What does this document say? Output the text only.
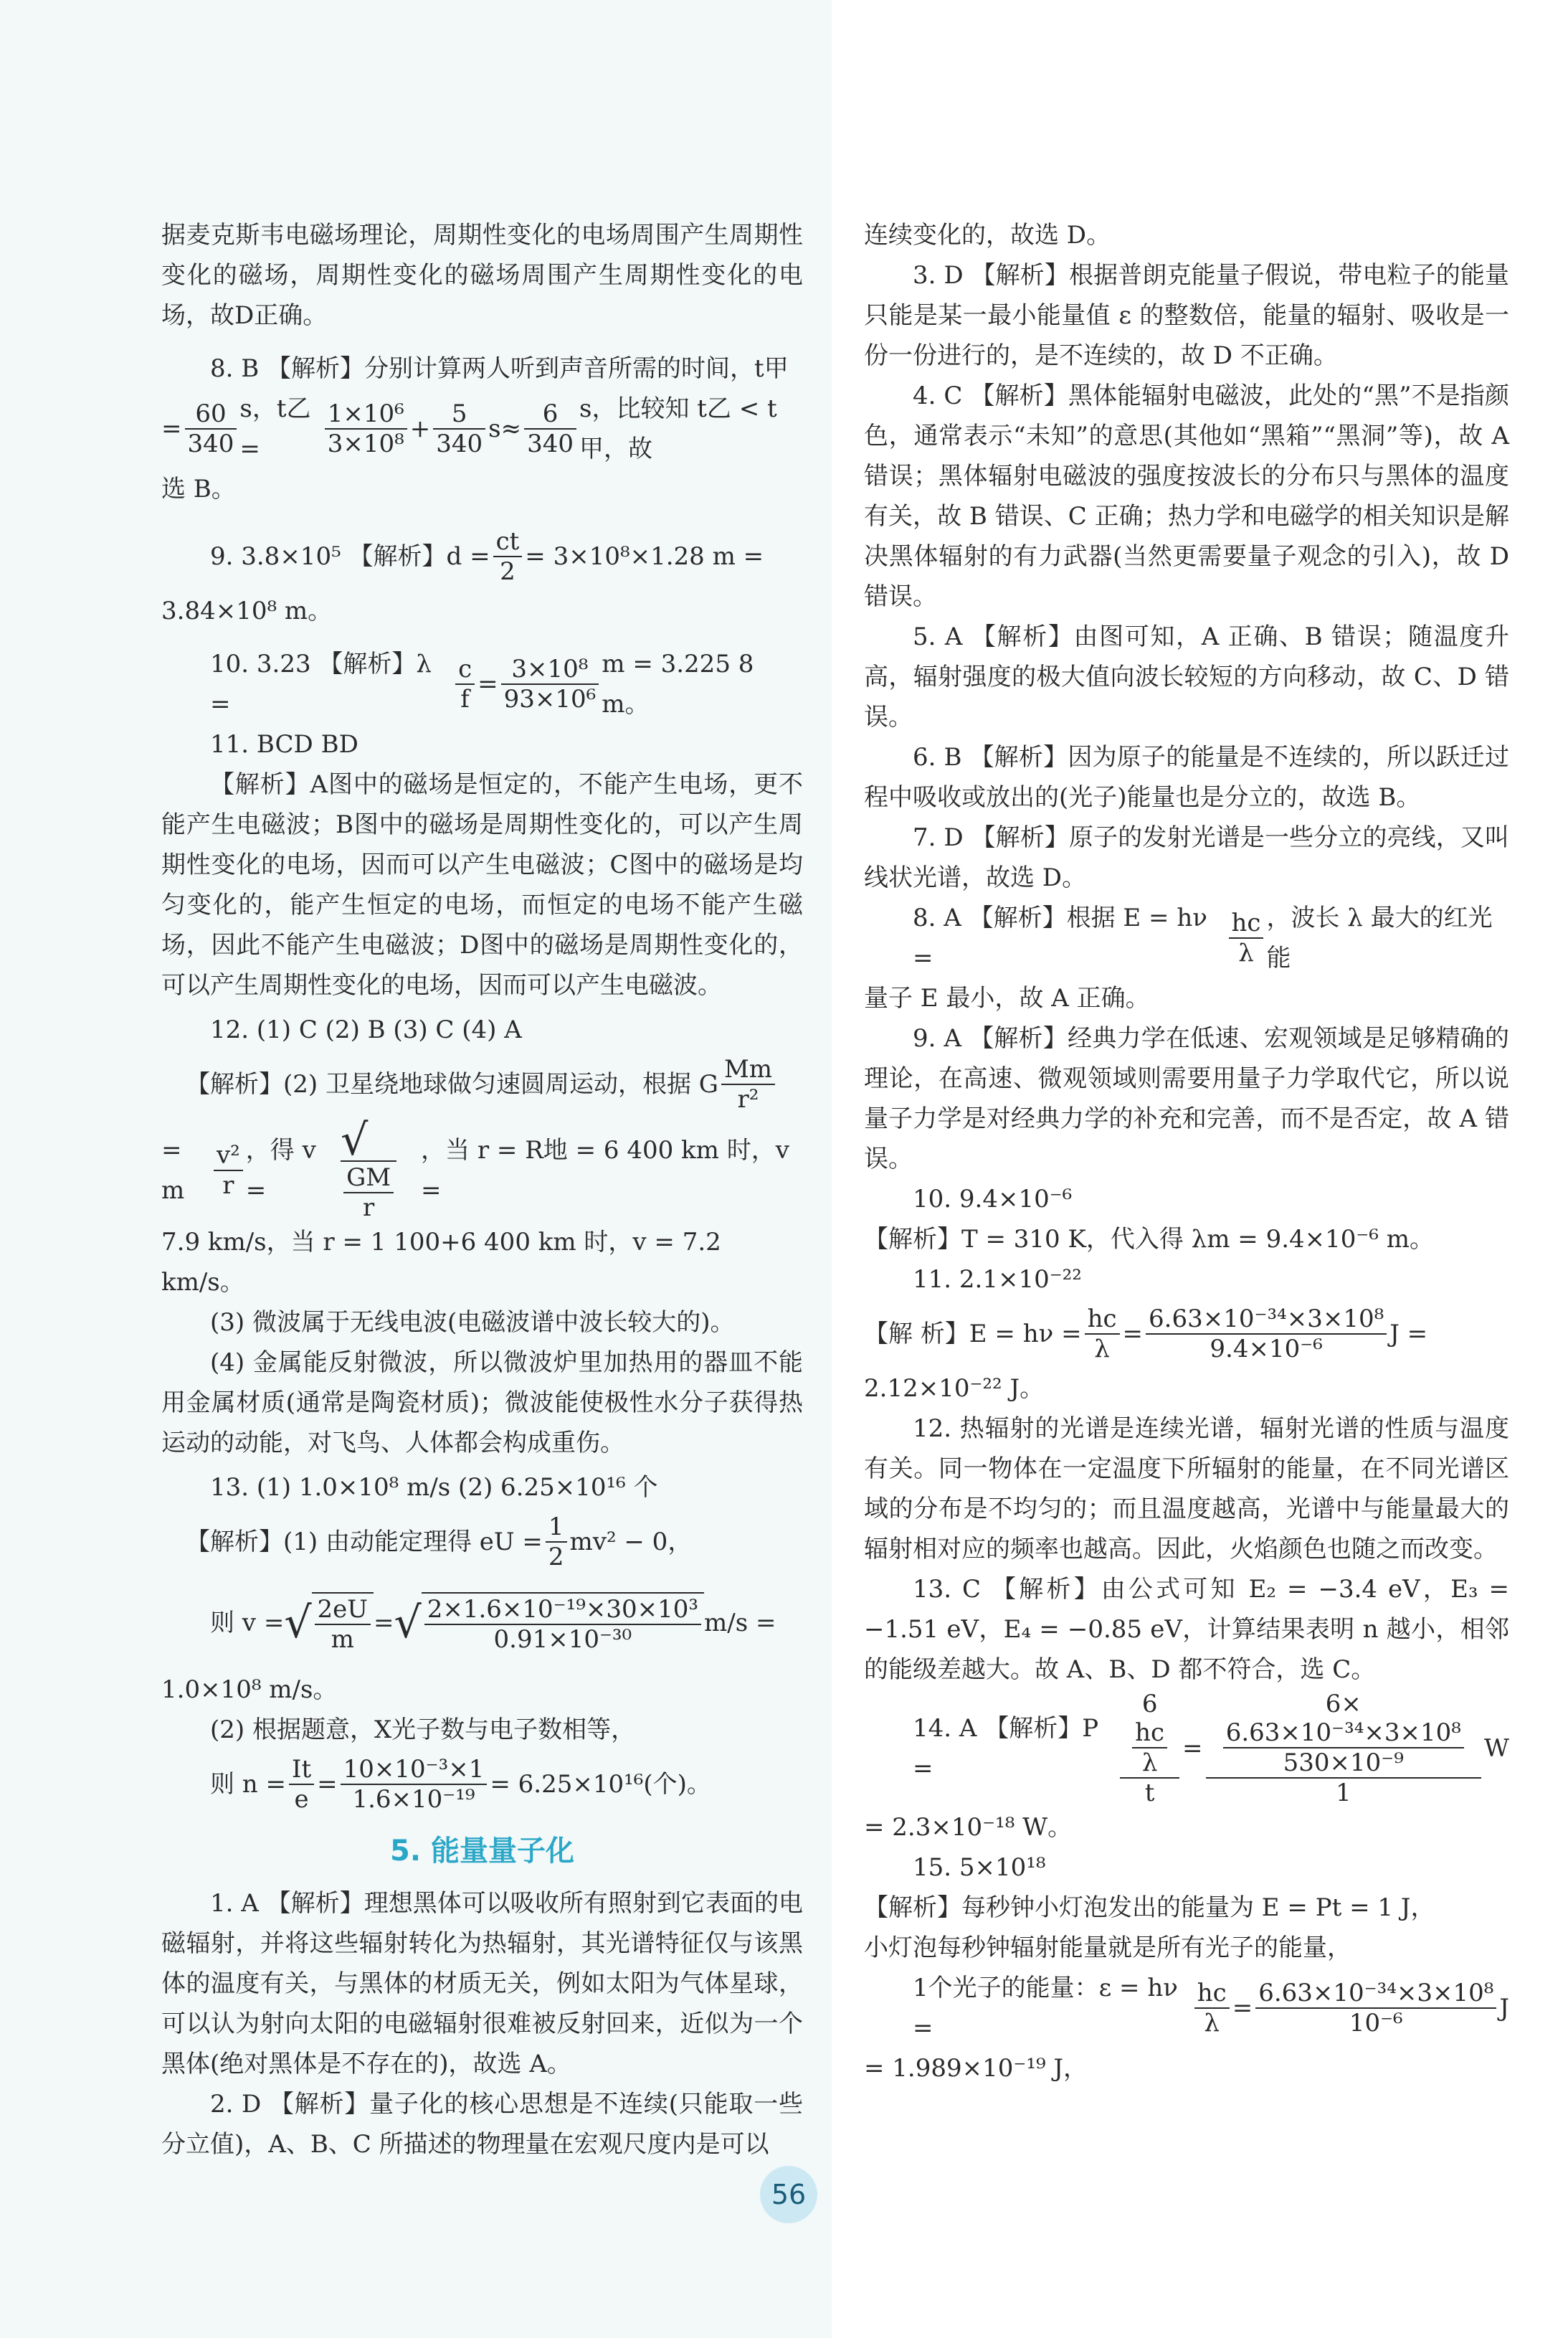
据麦克斯韦电磁场理论，周期性变化的电场周围产生周期性变化的磁场，周期性变化的磁场周围产生周期性变化的电场，故D正确。

8. B 【解析】分别计算两人听到声音所需的时间，t甲
= $\frac{60}{340}$ s，t乙 =	$\frac{\text{1×10⁶}}{\text{3×10⁸}} + \frac{5}{340} s\approx \frac{6}{340}$ s，比较知 t乙 < t甲，故
选 B。
9. 3.8×10⁵ 【解析】$d = \frac{ct}{2} = 3\times 10^8\times 1.28$ m =
3.84×10⁸ m。
10. 3.23 【解析】λ =	$\frac{c}{f} = \frac{\text{3×10⁸}}{\text{93×10⁶}}$ m = 3.225 8 m。
11. BCD BD

【解析】A图中的磁场是恒定的，不能产生电场，更不能产生电磁波；B图中的磁场是周期性变化的，可以产生周期性变化的电场，因而可以产生电磁波；C图中的磁场是均匀变化的，能产生恒定的电场，而恒定的电场不能产生磁场，因此不能产生电磁波；D图中的磁场是周期性变化的，可以产生周期性变化的电场，因而可以产生电磁波。

12. (1) C (2) B (3) C (4) A
【解析】(2) 卫星绕地球做匀速圆周运动，根据 G $\frac{Mm}{\text{r²}}$
= m	$\frac{\text{v²}}{r}$ ，得 v =
√
$\frac{GM}{r}$
，当 r = R地 = 6 400 km 时，v =
7.9 km/s，当 r = 1 100+6 400 km 时，v = 7.2 km/s。

(3) 微波属于无线电波(电磁波谱中波长较大的)。

(4) 金属能反射微波，所以微波炉里加热用的器皿不能用金属材质(通常是陶瓷材质)；微波能使极性水分子获得热运动的动能，对飞鸟、人体都会构成重伤。

13. (1) 1.0×10⁸ m/s (2) 6.25×10¹⁶ 个
【解析】(1) 由动能定理得 eU = $\frac{1}{2} mv^2 - 0$，
则 v = √ $\frac{2eU}{m}$ = √ $\frac{\text{2×1.6×10⁻¹⁹×30×10³}}{\text{0.91×10⁻³⁰}} m/s$ =
1.0×10⁸ m/s。
(2) 根据题意，X光子数与电子数相等，
则 $n = \frac{It}{e} = \frac{\text{10×10⁻³×1}}{\text{1.6×10⁻¹⁹}} = 6.25\times 10^{16}$(个)。
5. 能量量子化

1. A 【解析】理想黑体可以吸收所有照射到它表面的电磁辐射，并将这些辐射转化为热辐射，其光谱特征仅与该黑体的温度有关，与黑体的材质无关，例如太阳为气体星球，可以认为射向太阳的电磁辐射很难被反射回来，近似为一个黑体(绝对黑体是不存在的)，故选 A。

2. D 【解析】量子化的核心思想是不连续(只能取一些分立值)，A、B、C 所描述的物理量在宏观尺度内是可以

连续变化的，故选 D。

3. D 【解析】根据普朗克能量子假说，带电粒子的能量只能是某一最小能量值 ε 的整数倍，能量的辐射、吸收是一份一份进行的，是不连续的，故 D 不正确。

4. C 【解析】黑体能辐射电磁波，此处的“黑”不是指颜色，通常表示“未知”的意思(其他如“黑箱”“黑洞”等)，故 A 错误；黑体辐射电磁波的强度按波长的分布只与黑体的温度有关，故 B 错误、C 正确；热力学和电磁学的相关知识是解决黑体辐射的有力武器(当然更需要量子观念的引入)，故 D 错误。

5. A 【解析】由图可知，A 正确、B 错误；随温度升高，辐射强度的极大值向波长较短的方向移动，故 C、D 错误。

6. B 【解析】因为原子的能量是不连续的，所以跃迁过程中吸收或放出的(光子)能量也是分立的，故选 B。

7. D 【解析】原子的发射光谱是一些分立的亮线，又叫线状光谱，故选 D。

8. A 【解析】根据 E = hν =	$\frac{hc}{\lambda}$ ，波长 λ 最大的红光能
量子 E 最小，故 A 正确。

9. A 【解析】经典力学在低速、宏观领域是足够精确的理论，在高速、微观领域则需要用量子力学取代它，所以说量子力学是对经典力学的补充和完善，而不是否定，故 A 错误。

10. 9.4×10⁻⁶
【解析】T = 310 K，代入得 λm = 9.4×10⁻⁶ m。
11. 2.1×10⁻²²
【解 析】$E = h\nu = \frac{hc}{\lambda} = \frac{\text{6.63×10⁻³⁴×3×10⁸}}{\text{9.4×10⁻⁶}}$ J =
2.12×10⁻²² J。

12. 热辐射的光谱是连续光谱，辐射光谱的性质与温度有关。同一物体在一定温度下所辐射的能量，在不同光谱区域的分布是不均匀的；而且温度越高，光谱中与能量最大的辐射相对应的频率也越高。因此，火焰颜色也随之而改变。

13. C 【解析】由公式可知 E₂ = −3.4 eV，E₃ = −1.51 eV，E₄ = −0.85 eV，计算结果表明 n 越小，相邻的能级差越大。故 A、B、D 都不符合，选 C。

14. A 【解析】P =	6
$\frac{hc}{\lambda}$
t = 6×
$\frac{\text{6.63×10⁻³⁴×3×10⁸}}{\text{530×10⁻⁹}}$
1 W
= 2.3×10⁻¹⁸ W。
15. 5×10¹⁸
【解析】每秒钟小灯泡发出的能量为 E = Pt = 1 J，
小灯泡每秒钟辐射能量就是所有光子的能量，
1个光子的能量：ε = hν =	$\frac{hc}{\lambda} = \frac{\text{6.63×10⁻³⁴×3×10⁸}}{\text{10⁻⁶}}$ J
= 1.989×10⁻¹⁹ J，
56
